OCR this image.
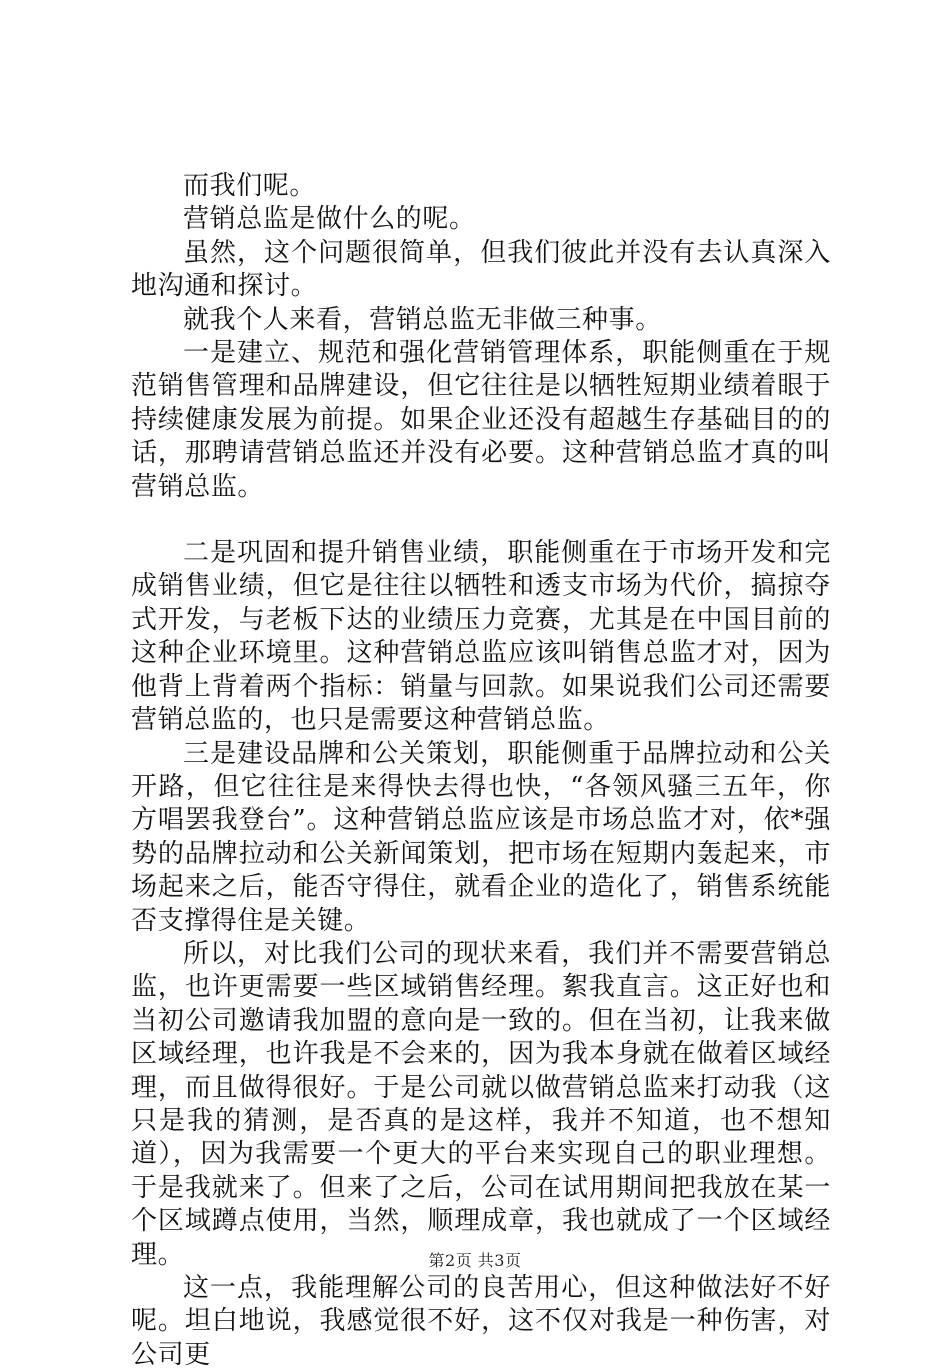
而我们呢。

营销总监是做什么的呢。

虽然，这个问题很简单，但我们彼此并没有去认真深入地沟通和探讨。

就我个人来看，营销总监无非做三种事。

一是建立、规范和强化营销管理体系，职能侧重在于规范销售管理和品牌建设，但它往往是以牺牲短期业绩着眼于持续健康发展为前提。如果企业还没有超越生存基础目的的话，那聘请营销总监还并没有必要。这种营销总监才真的叫营销总监。

二是巩固和提升销售业绩，职能侧重在于市场开发和完成销售业绩，但它是往往以牺牲和透支市场为代价，搞掠夺式开发，与老板下达的业绩压力竞赛，尤其是在中国目前的这种企业环境里。这种营销总监应该叫销售总监才对，因为他背上背着两个指标：销量与回款。如果说我们公司还需要营销总监的，也只是需要这种营销总监。

三是建设品牌和公关策划，职能侧重于品牌拉动和公关开路，但它往往是来得快去得也快，“各领风骚三五年，你方唱罢我登台”。这种营销总监应该是市场总监才对，依*强势的品牌拉动和公关新闻策划，把市场在短期内轰起来，市场起来之后，能否守得住，就看企业的造化了，销售系统能否支撑得住是关键。

所以，对比我们公司的现状来看，我们并不需要营销总监，也许更需要一些区域销售经理。絮我直言。这正好也和当初公司邀请我加盟的意向是一致的。但在当初，让我来做区域经理，也许我是不会来的，因为我本身就在做着区域经理，而且做得很好。于是公司就以做营销总监来打动我（这只是我的猜测，是否真的是这样，我并不知道，也不想知道），因为我需要一个更大的平台来实现自己的职业理想。于是我就来了。但来了之后，公司在试用期间把我放在某一个区域蹲点使用，当然，顺理成章，我也就成了一个区域经理。

这一点，我能理解公司的良苦用心，但这种做法好不好呢。坦白地说，我感觉很不好，这不仅对我是一种伤害，对公司更

第2页 共3页
